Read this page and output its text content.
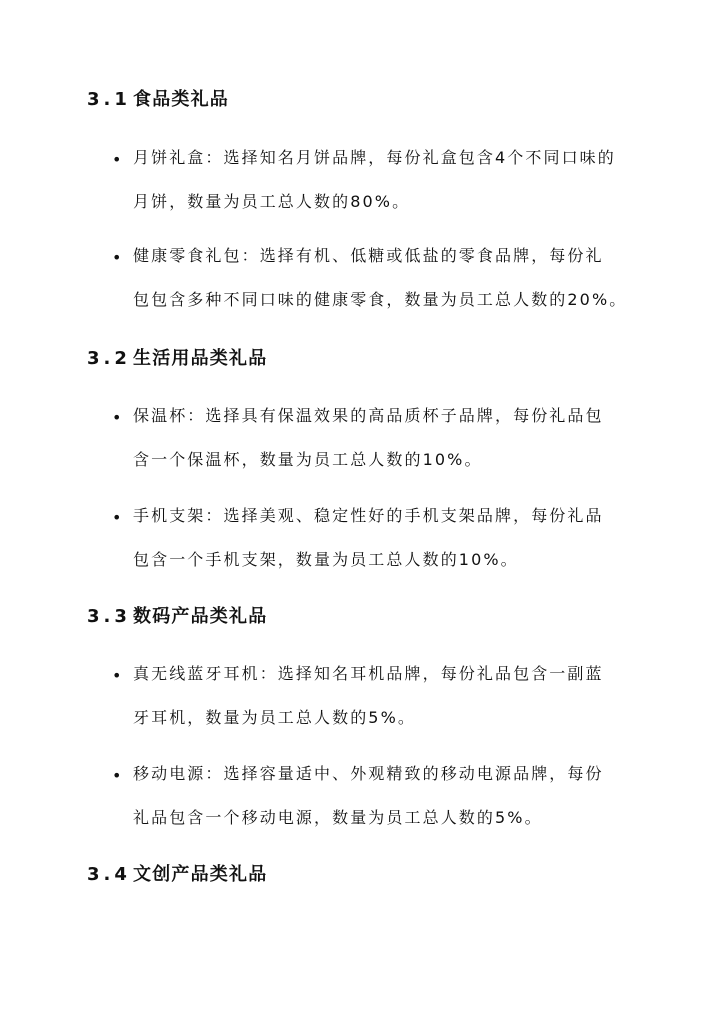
3.1 食品类礼品
• 月饼礼盒：选择知名月饼品牌，每份礼盒包含4个不同口味的
月饼，数量为员工总人数的80%。
• 健康零食礼包：选择有机、低糖或低盐的零食品牌，每份礼
包包含多种不同口味的健康零食，数量为员工总人数的20%。
3.2 生活用品类礼品
• 保温杯：选择具有保温效果的高品质杯子品牌，每份礼品包
含一个保温杯，数量为员工总人数的10%。
• 手机支架：选择美观、稳定性好的手机支架品牌，每份礼品
包含一个手机支架，数量为员工总人数的10%。
3.3 数码产品类礼品
• 真无线蓝牙耳机：选择知名耳机品牌，每份礼品包含一副蓝
牙耳机，数量为员工总人数的5%。
• 移动电源：选择容量适中、外观精致的移动电源品牌，每份
礼品包含一个移动电源，数量为员工总人数的5%。
3.4 文创产品类礼品
